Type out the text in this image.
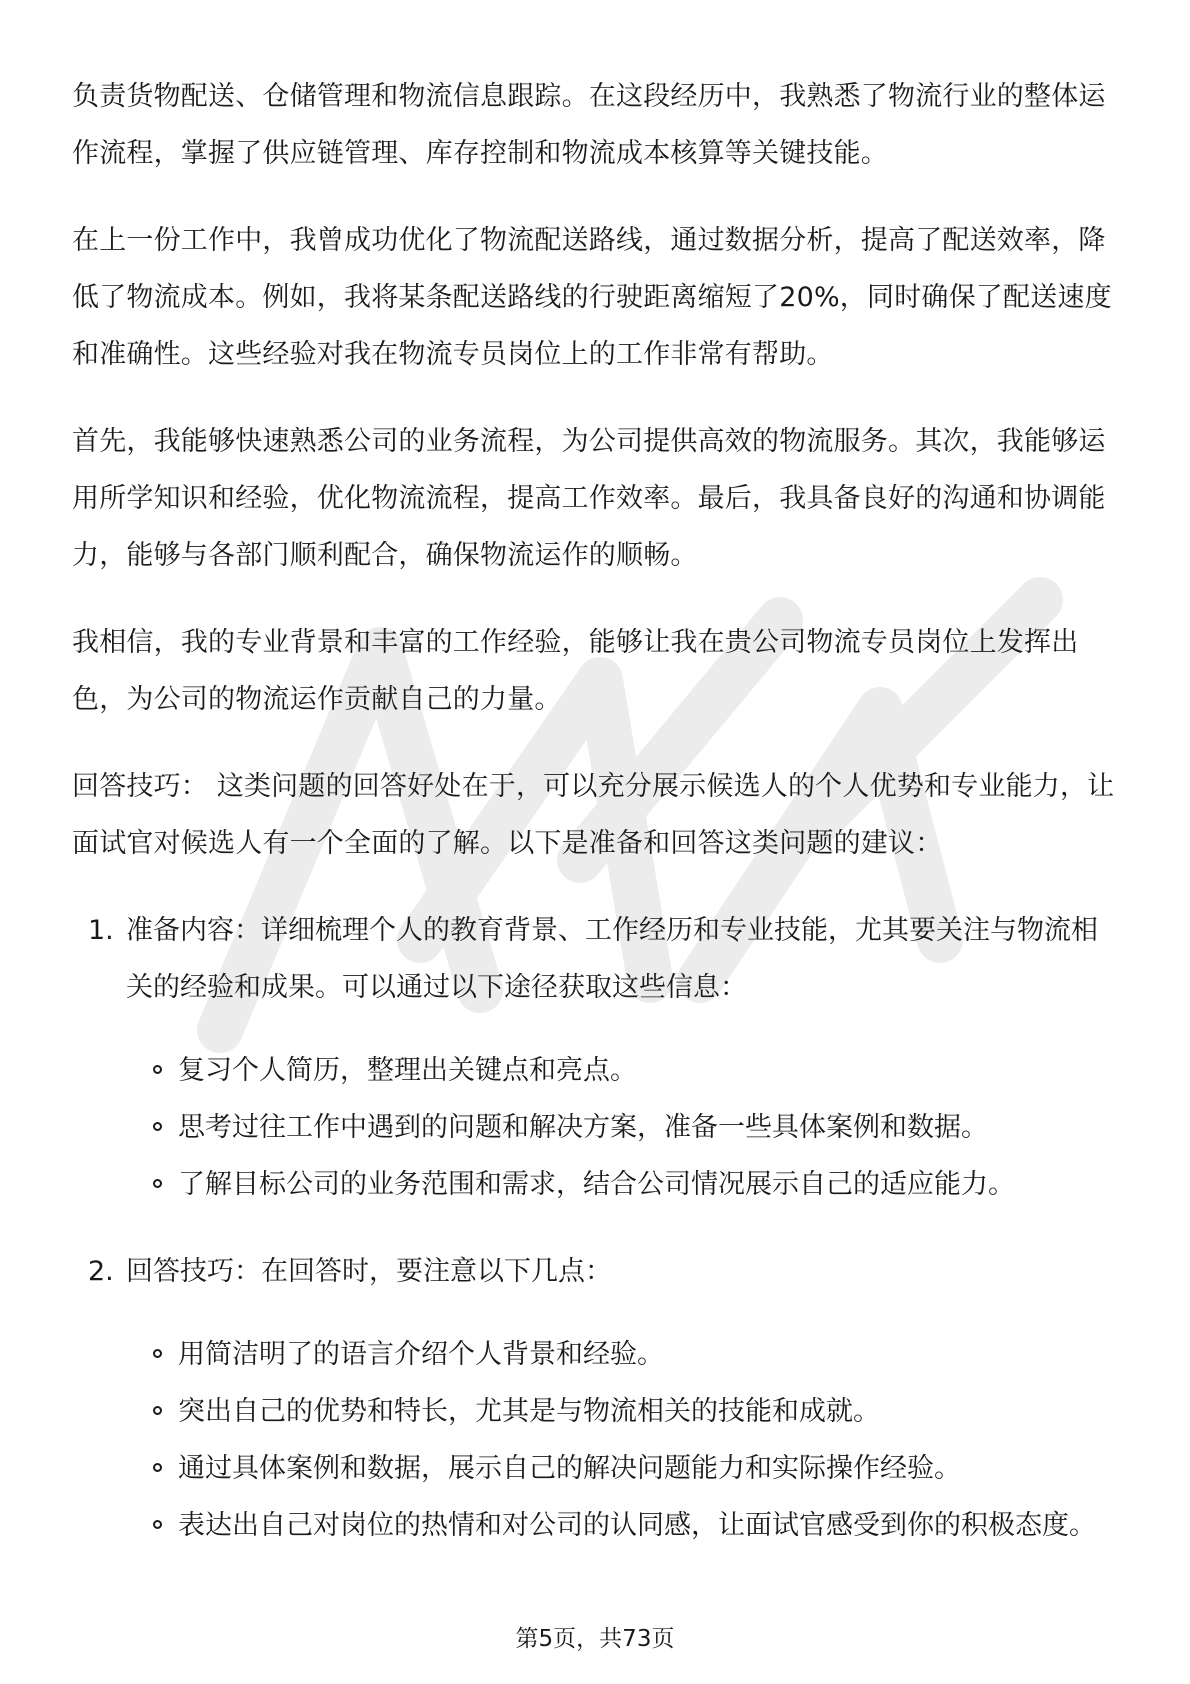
负责货物配送、仓储管理和物流信息跟踪。在这段经历中，我熟悉了物流行业的整体运作流程，掌握了供应链管理、库存控制和物流成本核算等关键技能。

在上一份工作中，我曾成功优化了物流配送路线，通过数据分析，提高了配送效率，降低了物流成本。例如，我将某条配送路线的行驶距离缩短了20%，同时确保了配送速度和准确性。这些经验对我在物流专员岗位上的工作非常有帮助。

首先，我能够快速熟悉公司的业务流程，为公司提供高效的物流服务。其次，我能够运用所学知识和经验，优化物流流程，提高工作效率。最后，我具备良好的沟通和协调能力，能够与各部门顺利配合，确保物流运作的顺畅。

我相信，我的专业背景和丰富的工作经验，能够让我在贵公司物流专员岗位上发挥出色，为公司的物流运作贡献自己的力量。

回答技巧： 这类问题的回答好处在于，可以充分展示候选人的个人优势和专业能力，让面试官对候选人有一个全面的了解。以下是准备和回答这类问题的建议：

1. 准备内容：详细梳理个人的教育背景、工作经历和专业技能，尤其要关注与物流相关的经验和成果。可以通过以下途径获取这些信息：
复习个人简历，整理出关键点和亮点。
思考过往工作中遇到的问题和解决方案，准备一些具体案例和数据。
了解目标公司的业务范围和需求，结合公司情况展示自己的适应能力。
2. 回答技巧：在回答时，要注意以下几点：
用简洁明了的语言介绍个人背景和经验。
突出自己的优势和特长，尤其是与物流相关的技能和成就。
通过具体案例和数据，展示自己的解决问题能力和实际操作经验。
表达出自己对岗位的热情和对公司的认同感，让面试官感受到你的积极态度。
第5页，共73页
